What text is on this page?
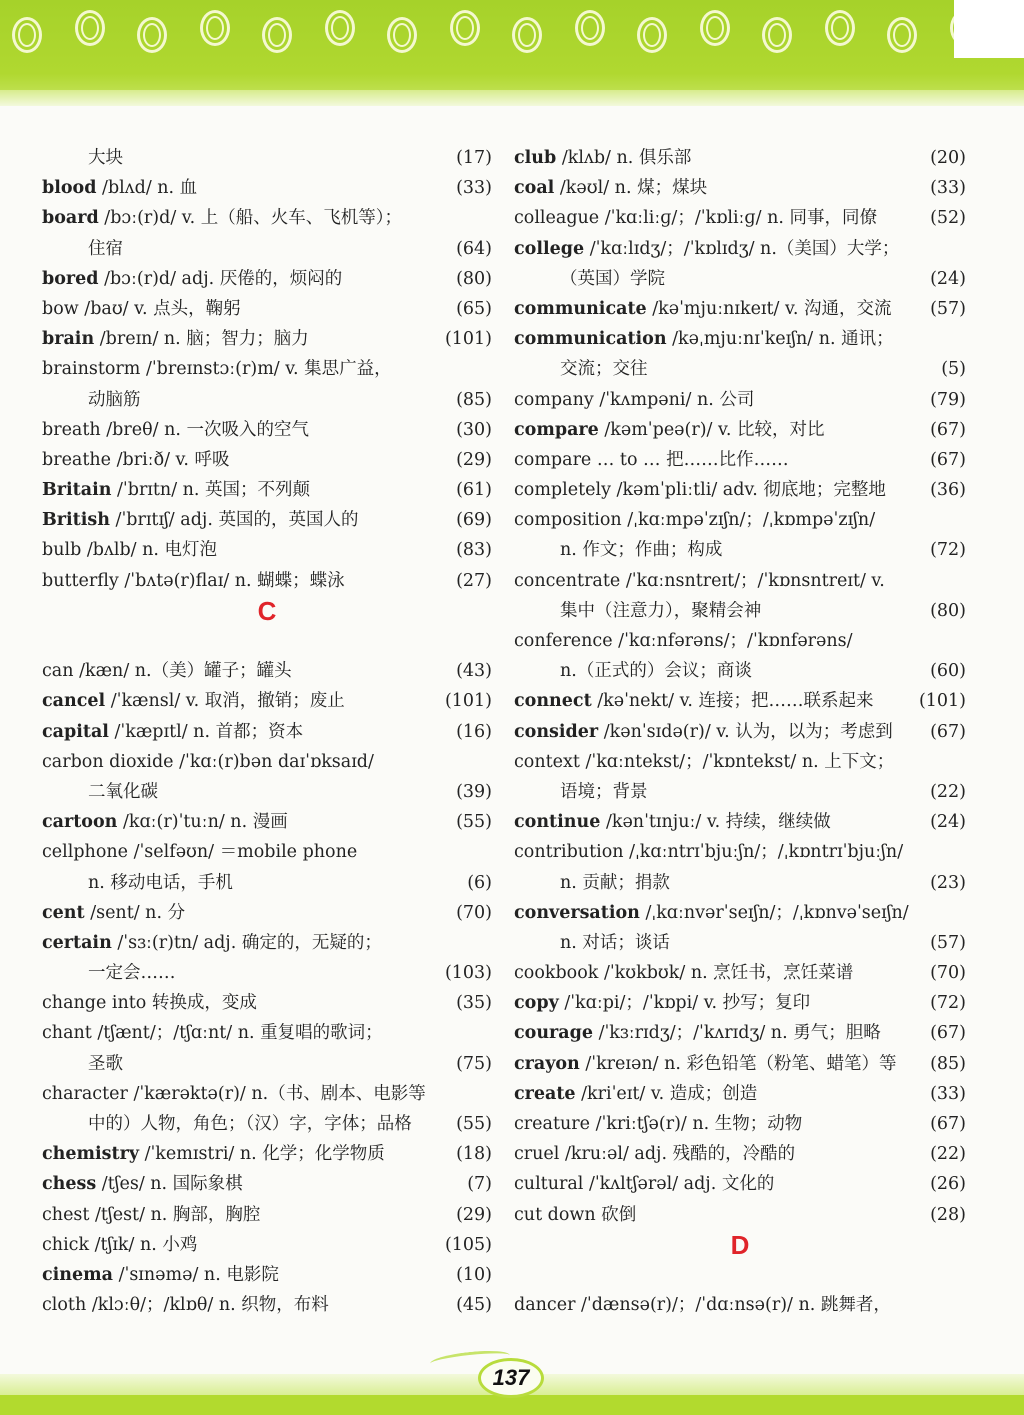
大块	(17)
blood /blʌd/ n. 血	(33)
board /bɔː(r)d/ v. 上（船、火车、飞机等）；
住宿	(64)
bored /bɔː(r)d/ adj. 厌倦的，烦闷的	(80)
bow /baʊ/ v. 点头，鞠躬	(65)
brain /breɪn/ n. 脑；智力；脑力	(101)
brainstorm /ˈbreɪnstɔː(r)m/ v. 集思广益，
动脑筋	(85)
breath /breθ/ n. 一次吸入的空气	(30)
breathe /briːð/ v. 呼吸	(29)
Britain /ˈbrɪtn/ n. 英国；不列颠	(61)
British /ˈbrɪtɪʃ/ adj. 英国的，英国人的	(69)
bulb /bʌlb/ n. 电灯泡	(83)
butterfly /ˈbʌtə(r)flaɪ/ n. 蝴蝶；蝶泳	(27)
C
can /kæn/ n.（美）罐子；罐头	(43)
cancel /ˈkænsl/ v. 取消，撤销；废止	(101)
capital /ˈkæpɪtl/ n. 首都；资本	(16)
carbon dioxide /ˈkɑː(r)bən daɪˈɒksaɪd/
二氧化碳	(39)
cartoon /kɑː(r)ˈtuːn/ n. 漫画	(55)
cellphone /ˈselfəʊn/ ＝mobile phone
n. 移动电话，手机	(6)
cent /sent/ n. 分	(70)
certain /ˈsɜː(r)tn/ adj. 确定的，无疑的；
一定会……	(103)
change into 转换成，变成	(35)
chant /tʃænt/；/tʃɑːnt/ n. 重复唱的歌词；
圣歌	(75)
character /ˈkærəktə(r)/ n.（书、剧本、电影等
中的）人物，角色；（汉）字，字体；品格	(55)
chemistry /ˈkemɪstri/ n. 化学；化学物质	(18)
chess /tʃes/ n. 国际象棋	(7)
chest /tʃest/ n. 胸部，胸腔	(29)
chick /tʃɪk/ n. 小鸡	(105)
cinema /ˈsɪnəmə/ n. 电影院	(10)
cloth /klɔːθ/；/klɒθ/ n. 织物，布料	(45)
club /klʌb/ n. 俱乐部	(20)
coal /kəʊl/ n. 煤；煤块	(33)
colleague /ˈkɑːliːɡ/；/ˈkɒliːɡ/ n. 同事，同僚	(52)
college /ˈkɑːlɪdʒ/；/ˈkɒlɪdʒ/ n.（美国）大学；
（英国）学院	(24)
communicate /kəˈmjuːnɪkeɪt/ v. 沟通，交流 (57)
communication /kəˌmjuːnɪˈkeɪʃn/ n. 通讯；
交流；交往	(5)
company /ˈkʌmpəni/ n. 公司	(79)
compare /kəmˈpeə(r)/ v. 比较，对比	(67)
compare … to … 把……比作……	(67)
completely /kəmˈpliːtli/ adv. 彻底地；完整地	(36)
composition /ˌkɑːmpəˈzɪʃn/；/ˌkɒmpəˈzɪʃn/
n. 作文；作曲；构成	(72)
concentrate /ˈkɑːnsntreɪt/；/ˈkɒnsntreɪt/ v.
集中（注意力），聚精会神	(80)
conference /ˈkɑːnfərəns/；/ˈkɒnfərəns/
n.（正式的）会议；商谈	(60)
connect /kəˈnekt/ v. 连接；把……联系起来	(101)
consider /kənˈsɪdə(r)/ v. 认为，以为；考虑到 (67)
context /ˈkɑːntekst/；/ˈkɒntekst/ n. 上下文；
语境；背景	(22)
continue /kənˈtɪnjuː/ v. 持续，继续做	(24)
contribution /ˌkɑːntrɪˈbjuːʃn/；/ˌkɒntrɪˈbjuːʃn/
n. 贡献；捐款	(23)
conversation /ˌkɑːnvərˈseɪʃn/；/ˌkɒnvəˈseɪʃn/
n. 对话；谈话	(57)
cookbook /ˈkʊkbʊk/ n. 烹饪书，烹饪菜谱	(70)
copy /ˈkɑːpi/；/ˈkɒpi/ v. 抄写；复印	(72)
courage /ˈkɜːrɪdʒ/；/ˈkʌrɪdʒ/ n. 勇气；胆略	(67)
crayon /ˈkreɪən/ n. 彩色铅笔（粉笔、蜡笔）等 (85)
create /kriˈeɪt/ v. 造成；创造	(33)
creature /ˈkriːtʃə(r)/ n. 生物；动物	(67)
cruel /kruːəl/ adj. 残酷的，冷酷的	(22)
cultural /ˈkʌltʃərəl/ adj. 文化的	(26)
cut down 砍倒	(28)
D
dancer /ˈdænsə(r)/；/ˈdɑːnsə(r)/ n. 跳舞者，
137
